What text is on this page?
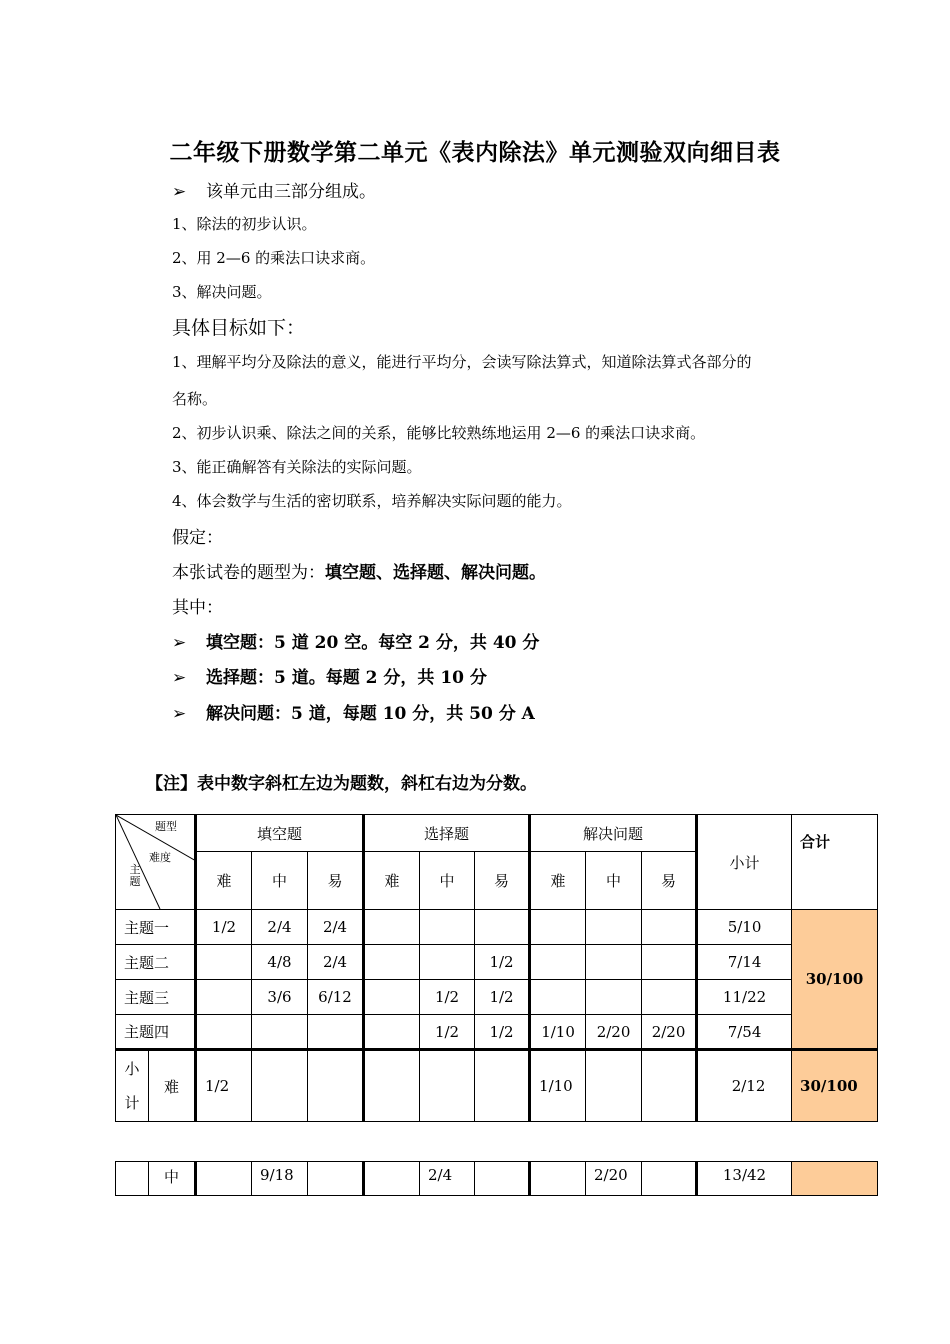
二年级下册数学第二单元《表内除法》单元测验双向细目表
➢ 该单元由三部分组成。
1、除法的初步认识。
2、用 2—6 的乘法口诀求商。
3、解决问题。
具体目标如下：
1、理解平均分及除法的意义，能进行平均分，会读写除法算式，知道除法算式各部分的
名称。
2、初步认识乘、除法之间的关系，能够比较熟练地运用 2—6 的乘法口诀求商。
3、能正确解答有关除法的实际问题。
4、体会数学与生活的密切联系，培养解决实际问题的能力。
假定：
本张试卷的题型为：填空题、选择题、解决问题。
其中：
➢ 填空题：5 道 20 空。每空 2 分，共 40 分
➢ 选择题：5 道。每题 2 分，共 10 分
➢ 解决问题：5 道，每题 10 分，共 50 分 A
【注】表中数字斜杠左边为题数，斜杠右边为分数。
题型
难度
主
题		填空题			选择题			解决问题			小计	合计
		难	中	易	难	中	易	难	中	易		
主题一		1/2	2/4	2/4							5/10	30/100
主题二			4/8	2/4			1/2				7/14	
主题三			3/6	6/12		1/2	1/2				11/22	
主题四						1/2	1/2	1/10	2/20	2/20	7/54	
小
计	难	1/2						1/10			2/12	30/100
	中		9/18			2/4			2/20		13/42	
